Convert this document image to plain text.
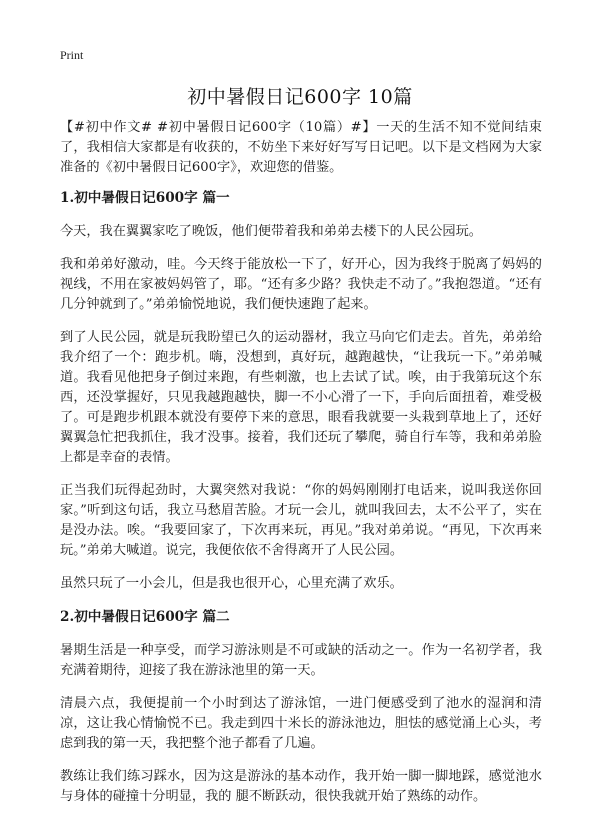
Print
初中暑假日记600字 10篇

【#初中作文# #初中暑假日记600字（10篇）#】一天的生活不知不觉间结束了，我相信大家都是有收获的，不妨坐下来好好写写日记吧。以下是文档网为大家准备的《初中暑假日记600字》，欢迎您的借鉴。

1.初中暑假日记600字 篇一

今天，我在翼翼家吃了晚饭，他们便带着我和弟弟去楼下的人民公园玩。

我和弟弟好激动，哇。今天终于能放松一下了，好开心，因为我终于脱离了妈妈的视线，不用在家被妈妈管了，耶。“还有多少路？我快走不动了。”我抱怨道。“还有几分钟就到了。”弟弟愉悦地说，我们便快速跑了起来。

到了人民公园，就是玩我盼望已久的运动器材，我立马向它们走去。首先，弟弟给我介绍了一个：跑步机。嗨，没想到，真好玩，越跑越快，“让我玩一下。”弟弟喊道。我看见他把身子倒过来跑，有些刺激，也上去试了试。唉，由于我第玩这个东西，还没掌握好，只见我越跑越快，脚一不小心滑了一下，手向后面扭着，难受极了。可是跑步机跟本就没有要停下来的意思，眼看我就要一头栽到草地上了，还好翼翼急忙把我抓住，我才没事。接着，我们还玩了攀爬，骑自行车等，我和弟弟脸上都是幸奋的表情。

正当我们玩得起劲时，大翼突然对我说：“你的妈妈刚刚打电话来，说叫我送你回家。”听到这句话，我立马愁眉苦脸。才玩一会儿，就叫我回去，太不公平了，实在是没办法。唉。“我要回家了，下次再来玩，再见。”我对弟弟说。“再见，下次再来玩。”弟弟大喊道。说完，我便依依不舍得离开了人民公园。

虽然只玩了一小会儿，但是我也很开心，心里充满了欢乐。

2.初中暑假日记600字 篇二

暑期生活是一种享受，而学习游泳则是不可或缺的活动之一。作为一名初学者，我充满着期待，迎接了我在游泳池里的第一天。

清晨六点，我便提前一个小时到达了游泳馆，一进门便感受到了池水的湿润和清凉，这让我心情愉悦不已。我走到四十米长的游泳池边，胆怯的感觉涌上心头，考虑到我的第一天，我把整个池子都看了几遍。

教练让我们练习踩水，因为这是游泳的基本动作，我开始一脚一脚地踩，感觉池水与身体的碰撞十分明显，我的 腿不断跃动，很快我就开始了熟练的动作。
